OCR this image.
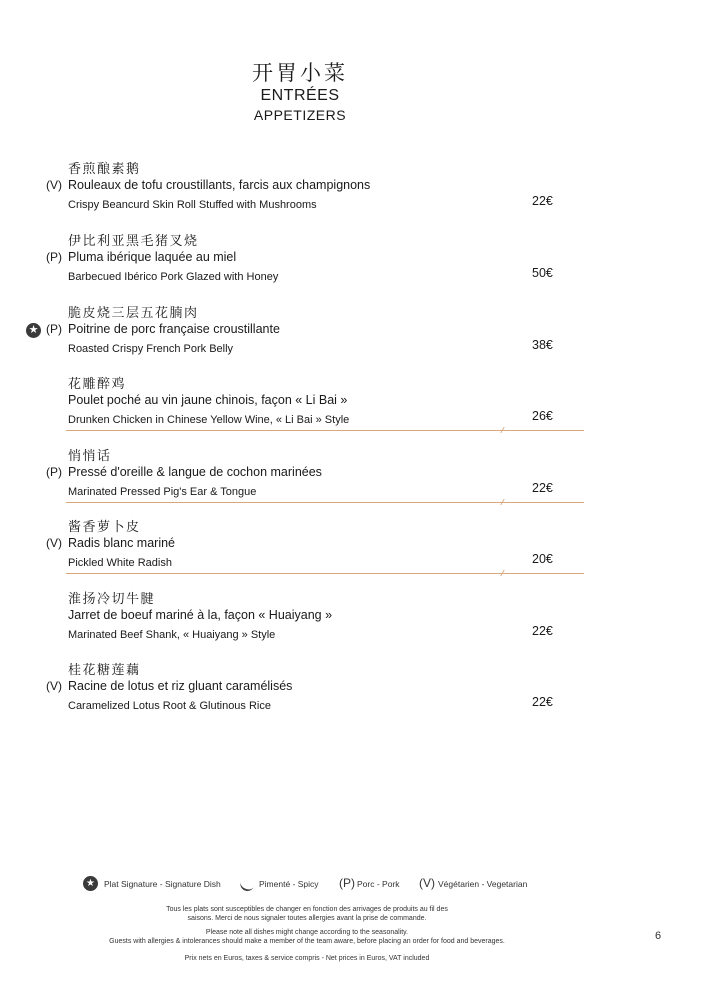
开胃小菜
ENTRÉES
APPETIZERS
香煎酿素鹅
(V) Rouleaux de tofu croustillants, farcis aux champignons
Crispy Beancurd Skin Roll Stuffed with Mushrooms	22€
伊比利亚黑毛猪叉烧
(P) Pluma ibérique laquée au miel
Barbecued Ibérico Pork Glazed with Honey	50€
★
脆皮烧三层五花腩肉
(P) Poitrine de porc française croustillante
Roasted Crispy French Pork Belly	38€
花雕醉鸡
Poulet poché au vin jaune chinois, façon « Li Bai »
Drunken Chicken in Chinese Yellow Wine, « Li Bai » Style	26€
悄悄话
(P) Pressé d'oreille & langue de cochon marinées
Marinated Pressed Pig's Ear & Tongue	22€
酱香萝卜皮
(V) Radis blanc mariné
Pickled White Radish	20€
淮扬冷切牛腱
Jarret de boeuf mariné à la, façon « Huaiyang »
Marinated Beef Shank, « Huaiyang » Style	22€
桂花糖莲藕
(V) Racine de lotus et riz gluant caramélisés
Caramelized Lotus Root & Glutinous Rice	22€
★	Plat Signature - Signature Dish	Pimenté - Spicy (P) Porc - Pork (V) Végétarien - Vegetarian
Tous les plats sont susceptibles de changer en fonction des arrivages de produits au fil des
saisons. Merci de nous signaler toutes allergies avant la prise de commande.
Please note all dishes might change according to the seasonality.
Guests with allergies & intolerances should make a member of the team aware, before placing an order for food and beverages.
Prix nets en Euros, taxes & service compris - Net prices in Euros, VAT included
6
